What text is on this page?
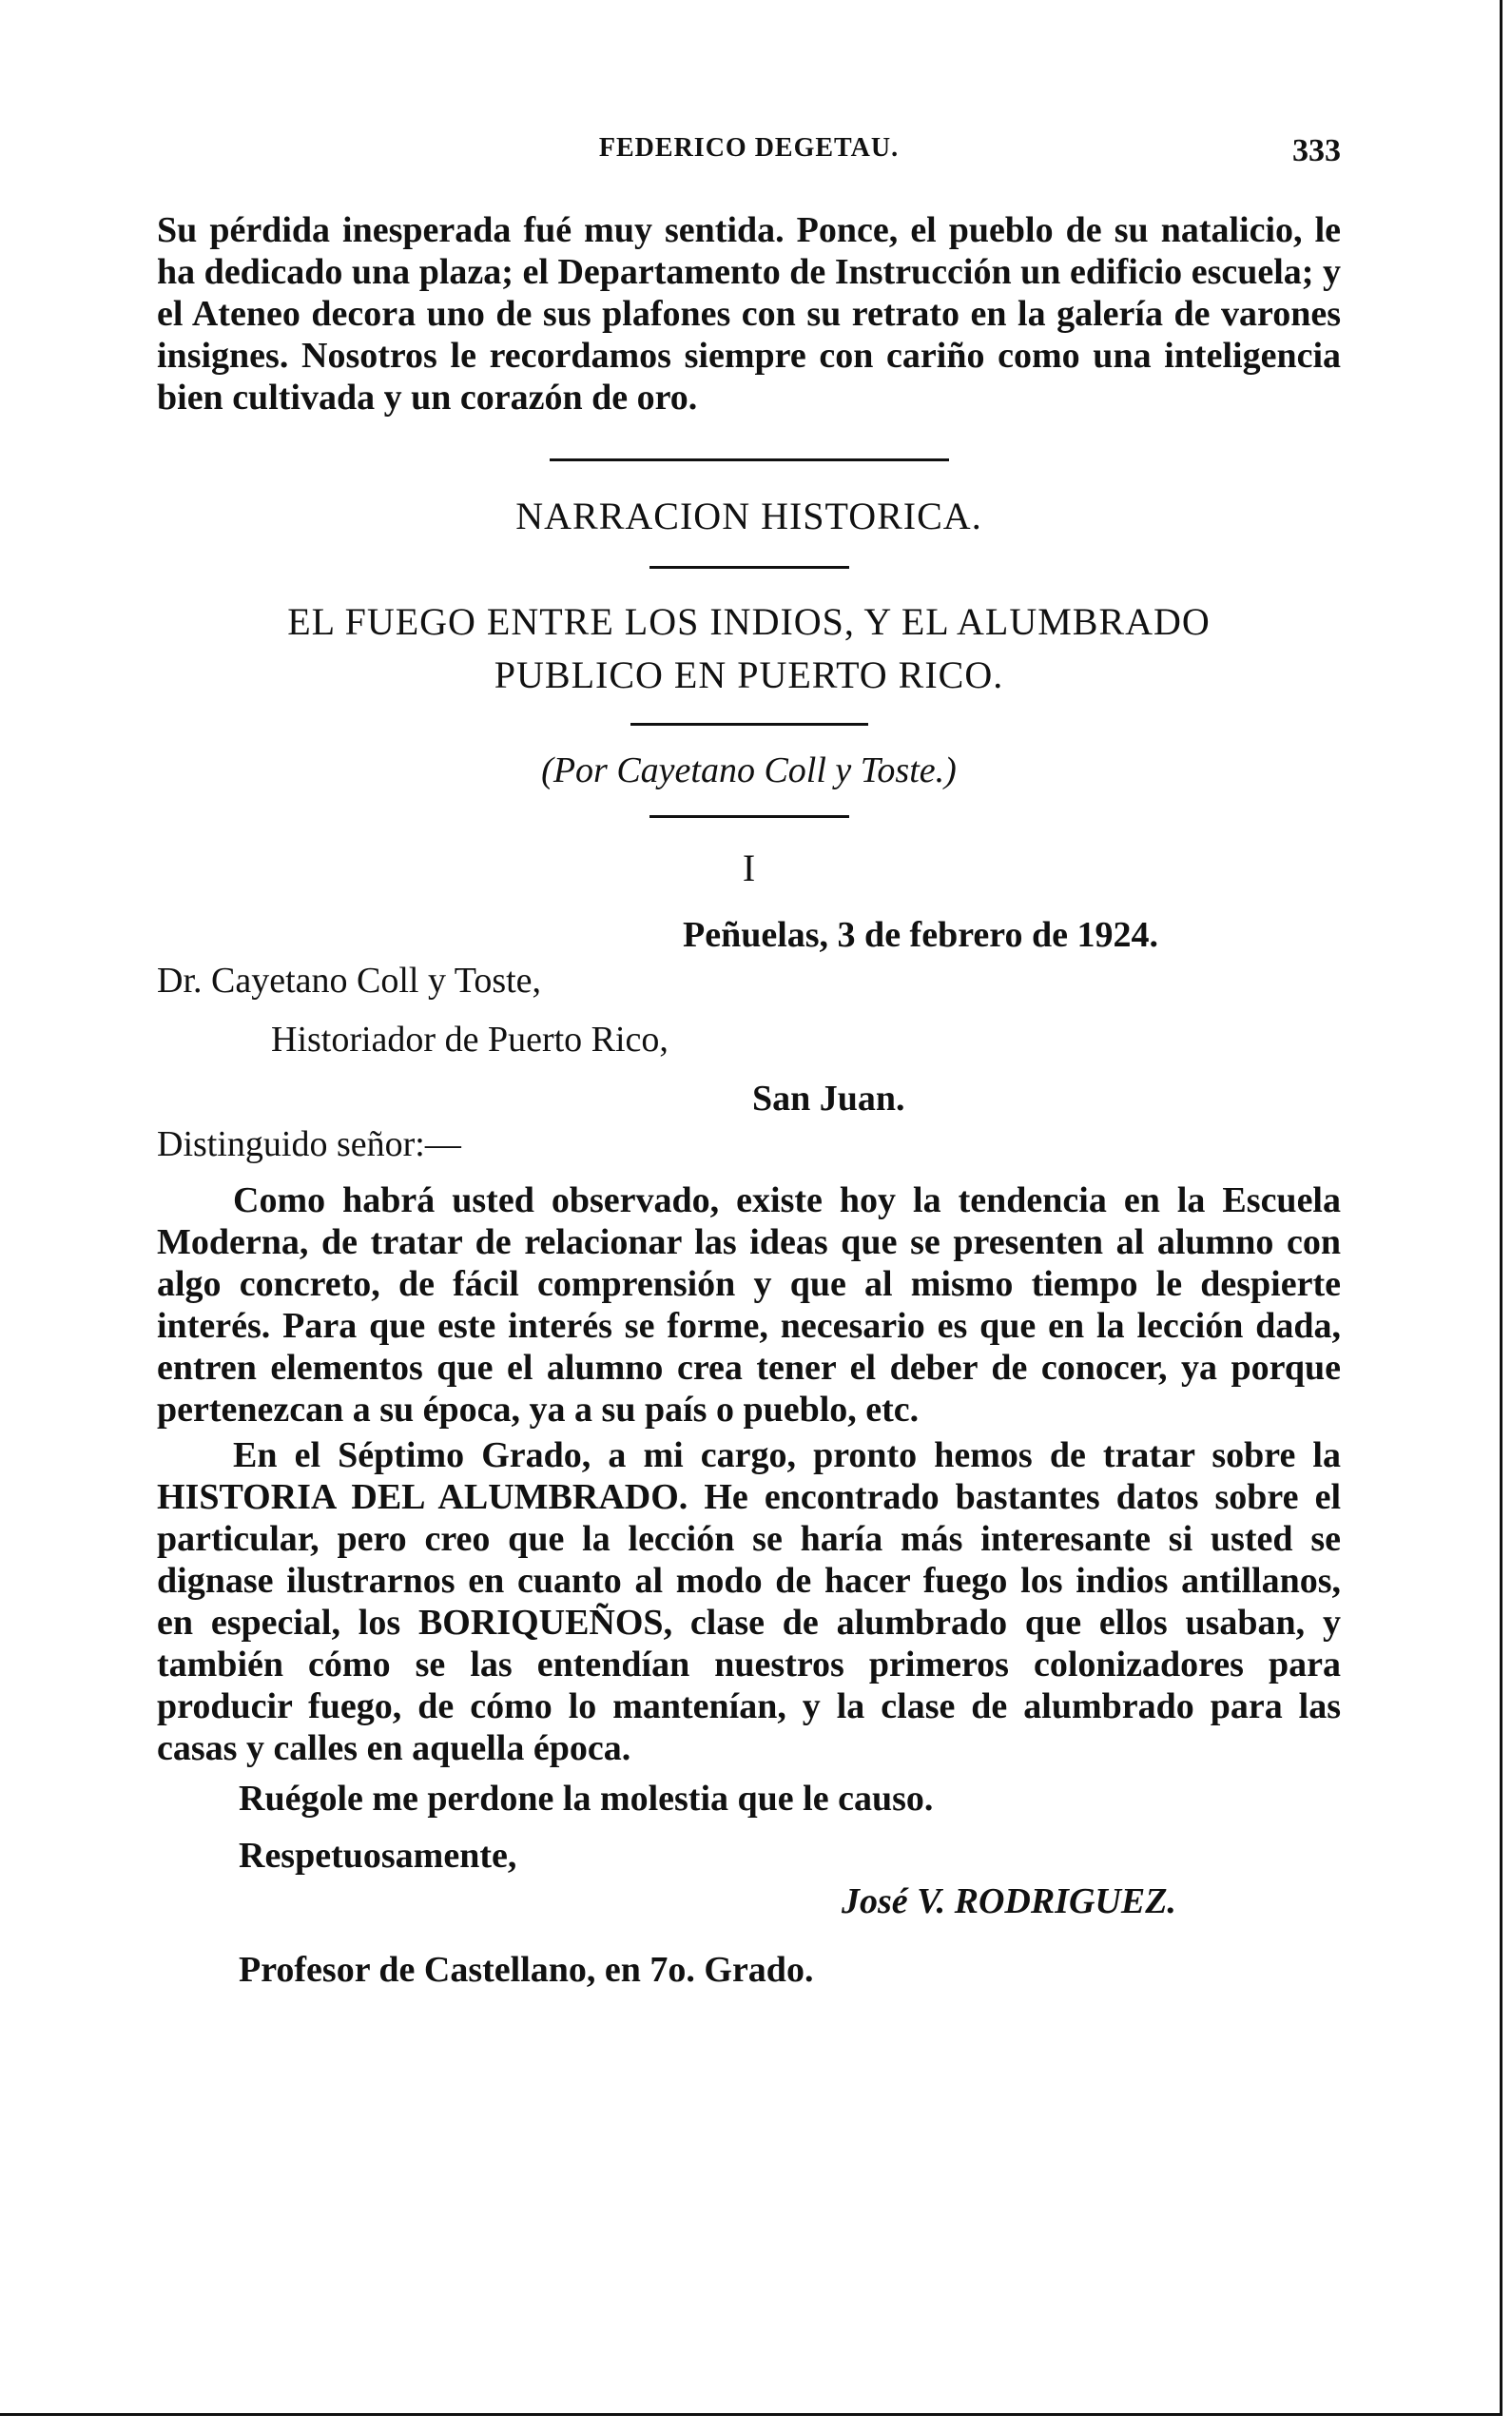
FEDERICO DEGETAU.	333

Su pérdida inesperada fué muy sentida. Ponce, el pueblo de su natalicio, le ha dedicado una plaza; el Departamento de Instrucción un edificio escuela; y el Ateneo decora uno de sus plafones con su retrato en la galería de varones insignes. Nosotros le recordamos siempre con cariño como una inteligencia bien cultivada y un corazón de oro.

NARRACION HISTORICA.
EL FUEGO ENTRE LOS INDIOS, Y EL ALUMBRADO
PUBLICO EN PUERTO RICO.
(Por Cayetano Coll y Toste.)
I
Peñuelas, 3 de febrero de 1924.
Dr. Cayetano Coll y Toste,
Historiador de Puerto Rico,
San Juan.
Distinguido señor:—

Como habrá usted observado, existe hoy la tendencia en la Escuela Moderna, de tratar de relacionar las ideas que se presenten al alumno con algo concreto, de fácil comprensión y que al mismo tiempo le despierte interés. Para que este interés se forme, necesario es que en la lección dada, entren elementos que el alumno crea tener el deber de conocer, ya porque pertenezcan a su época, ya a su país o pueblo, etc.

En el Séptimo Grado, a mi cargo, pronto hemos de tratar sobre la HISTORIA DEL ALUMBRADO. He encontrado bastantes datos sobre el particular, pero creo que la lección se haría más interesante si usted se dignase ilustrarnos en cuanto al modo de hacer fuego los indios antillanos, en especial, los BORIQUEÑOS, clase de alumbrado que ellos usaban, y también cómo se las entendían nuestros primeros colonizadores para producir fuego, de cómo lo mantenían, y la clase de alumbrado para las casas y calles en aquella época.

Ruégole me perdone la molestia que le causo.
Respetuosamente,
José V. RODRIGUEZ.
Profesor de Castellano, en 7o. Grado.
